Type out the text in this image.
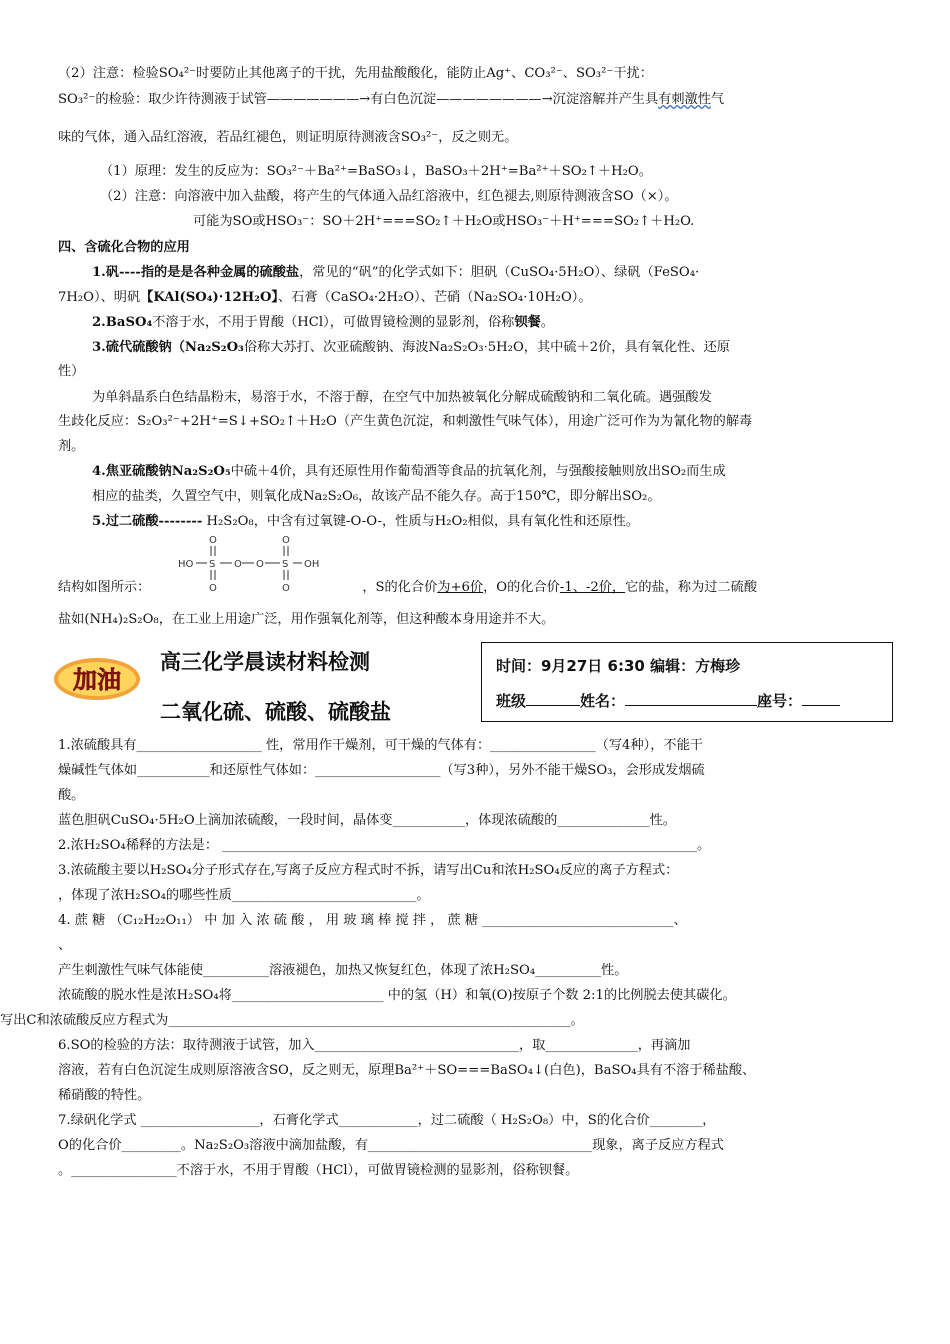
（2）注意：检验SO₄²⁻时要防止其他离子的干扰，先用盐酸酸化，能防止Ag⁺、CO₃²⁻、SO₃²⁻干扰：
SO₃²⁻的检验：取少许待测液于试管———————→有白色沉淀————————→沉淀溶解并产生具有刺激性气
味的气体，通入品红溶液，若品红褪色，则证明原待测液含SO₃²⁻，反之则无。
（1）原理：发生的反应为：SO₃²⁻＋Ba²⁺=BaSO₃↓，BaSO₃＋2H⁺=Ba²⁺＋SO₂↑＋H₂O。
（2）注意：向溶液中加入盐酸，将产生的气体通入品红溶液中，红色褪去,则原待测液含SO（×）。
可能为SO或HSO₃⁻：SO＋2H⁺===SO₂↑＋H₂O或HSO₃⁻＋H⁺===SO₂↑＋H₂O.
四、含硫化合物的应用
1.矾----指的是是各种金属的硫酸盐，常见的“矾”的化学式如下：胆矾（CuSO₄·5H₂O）、绿矾（FeSO₄·
7H₂O）、明矾【KAl(SO₄)·12H₂O】、石膏（CaSO₄·2H₂O）、芒硝（Na₂SO₄·10H₂O）。
2.BaSO₄不溶于水，不用于胃酸（HCl），可做胃镜检测的显影剂，俗称钡餐。
3.硫代硫酸钠（Na₂S₂O₃俗称大苏打、次亚硫酸钠、海波Na₂S₂O₃·5H₂O，其中硫＋2价，具有氧化性、还原
性）
为单斜晶系白色结晶粉末，易溶于水，不溶于醇，在空气中加热被氧化分解成硫酸钠和二氧化硫。遇强酸发
生歧化反应：S₂O₃²⁻+2H⁺=S↓+SO₂↑＋H₂O（产生黄色沉淀，和刺激性气味气体），用途广泛可作为为氰化物的解毒
剂。
4.焦亚硫酸钠Na₂S₂O₅中硫＋4价，具有还原性用作葡萄酒等食品的抗氧化剂，与强酸接触则放出SO₂而生成
相应的盐类，久置空气中，则氧化成Na₂S₂O₆，故该产品不能久存。高于150℃，即分解出SO₂。
5.过二硫酸-------- H₂S₂O₈，中含有过氧键-O-O-，性质与H₂O₂相似，具有氧化性和还原性。
HO
O
S
O
O O
O
S
O
OH
结构如图所示：	，S的化合价为+6价，O的化合价-1、-2价，它的盐，称为过二硫酸
盐如(NH₄)₂S₂O₈，在工业上用途广泛，用作强氧化剂等，但这种酸本身用途并不大。
加油
高三化学晨读材料检测
二氧化硫、硫酸、硫酸盐
时间：9月27日 6:30 编辑：方梅珍
班级	姓名：	座号：
1.浓硫酸具有___________________ 性，常用作干燥剂，可干燥的气体有：________________（写4种），不能干
燥碱性气体如___________和还原性气体如：___________________（写3种），另外不能干燥SO₃，会形成发烟硫
酸。
蓝色胆矾CuSO₄·5H₂O上滴加浓硫酸，一段时间，晶体变___________，体现浓硫酸的______________性。
2.浓H₂SO₄稀释的方法是： ________________________________________________________________________。
3.浓硫酸主要以H₂SO₄分子形式存在,写离子反应方程式时不拆，请写出Cu和浓H₂SO₄反应的离子方程式：
，体现了浓H₂SO₄的哪些性质____________________________。
4. 蔗 糖 （C₁₂H₂₂O₁₁） 中 加 入 浓 硫 酸 ， 用 玻 璃 棒 搅 拌 ， 蔗 糖 _____________________________、
、
产生刺激性气味气体能使__________溶液褪色，加热又恢复红色，体现了浓H₂SO₄__________性。
浓硫酸的脱水性是浓H₂SO₄将_______________________ 中的氢（H）和氧(O)按原子个数 2:1的比例脱去使其碳化。
写出C和浓硫酸反应方程式为_____________________________________________________________。
6.SO的检验的方法：取待测液于试管，加入_______________________________，取______________，再滴加
溶液，若有白色沉淀生成则原溶液含SO，反之则无，原理Ba²⁺＋SO===BaSO₄↓(白色)，BaSO₄具有不溶于稀盐酸、
稀硝酸的特性。
7.绿矾化学式 __________________，石膏化学式____________，过二硫酸（ H₂S₂O₈）中，S的化合价________，
O的化合价_________。Na₂S₂O₃溶液中滴加盐酸，有__________________________________现象，离子反应方程式
。________________不溶于水，不用于胃酸（HCl），可做胃镜检测的显影剂，俗称钡餐。
